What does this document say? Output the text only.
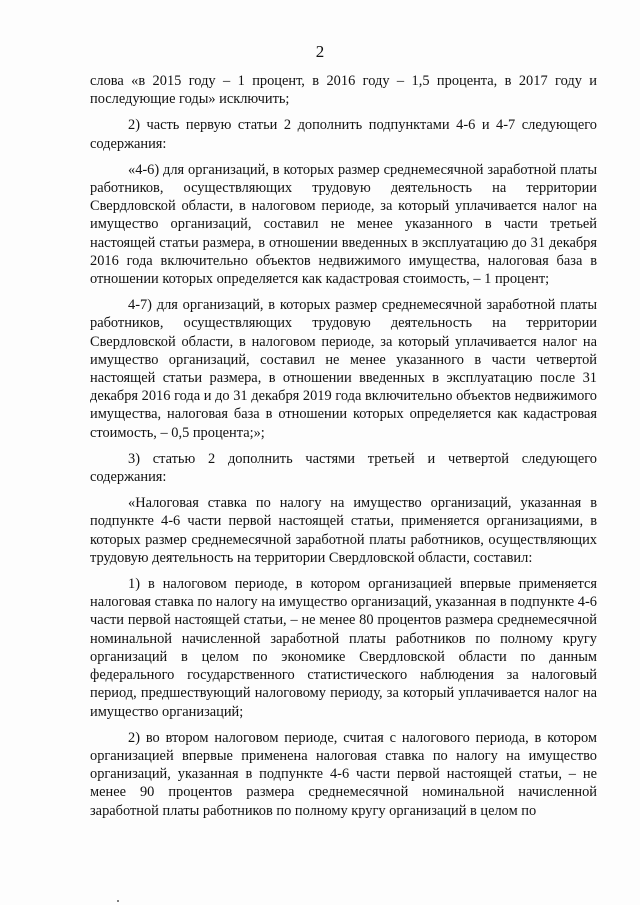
2

слова «в 2015 году – 1 процент, в 2016 году – 1,5 процента, в 2017 году и последующие годы» исключить;

2) часть первую статьи 2 дополнить подпунктами 4-6 и 4-7 следующего содержания:

«4-6) для организаций, в которых размер среднемесячной заработной платы работников, осуществляющих трудовую деятельность на территории Свердловской области, в налоговом периоде, за который уплачивается налог на имущество организаций, составил не менее указанного в части третьей настоящей статьи размера, в отношении введенных в эксплуатацию до 31 декабря 2016 года включительно объектов недвижимого имущества, налоговая база в отношении которых определяется как кадастровая стоимость, – 1 процент;

4-7) для организаций, в которых размер среднемесячной заработной платы работников, осуществляющих трудовую деятельность на территории Свердловской области, в налоговом периоде, за который уплачивается налог на имущество организаций, составил не менее указанного в части четвертой настоящей статьи размера, в отношении введенных в эксплуатацию после 31 декабря 2016 года и до 31 декабря 2019 года включительно объектов недвижимого имущества, налоговая база в отношении которых определяется как кадастровая стоимость, – 0,5 процента;»;

3) статью 2 дополнить частями третьей и четвертой следующего содержания:

«Налоговая ставка по налогу на имущество организаций, указанная в подпункте 4-6 части первой настоящей статьи, применяется организациями, в которых размер среднемесячной заработной платы работников, осуществляющих трудовую деятельность на территории Свердловской области, составил:

1) в налоговом периоде, в котором организацией впервые применяется налоговая ставка по налогу на имущество организаций, указанная в подпункте 4-6 части первой настоящей статьи, – не менее 80 процентов размера среднемесячной номинальной начисленной заработной платы работников по полному кругу организаций в целом по экономике Свердловской области по данным федерального государственного статистического наблюдения за налоговый период, предшествующий налоговому периоду, за который уплачивается налог на имущество организаций;

2) во втором налоговом периоде, считая с налогового периода, в котором организацией впервые применена налоговая ставка по налогу на имущество организаций, указанная в подпункте 4-6 части первой настоящей статьи, – не менее 90 процентов размера среднемесячной номинальной начисленной заработной платы работников по полному кругу организаций в целом по
